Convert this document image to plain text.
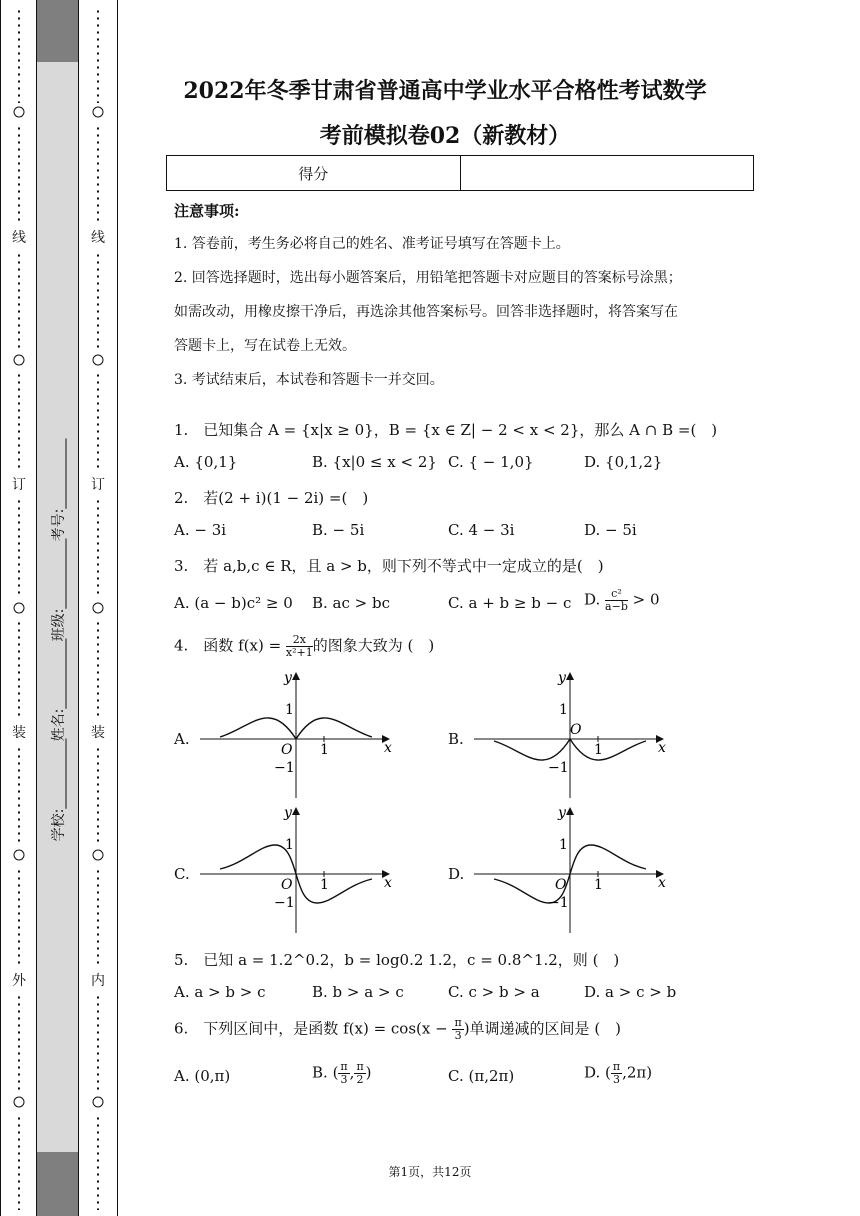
线
订
装
外
考号:__________
班级:__________
姓名:__________
学校:__________
线
订
装
内
2022年冬季甘肃省普通高中学业水平合格性考试数学
考前模拟卷02（新教材）
得分	
注意事项:
1. 答卷前，考生务必将自己的姓名、准考证号填写在答题卡上。
2. 回答选择题时，选出每小题答案后，用铅笔把答题卡对应题目的答案标号涂黑；
如需改动，用橡皮擦干净后，再选涂其他答案标号。回答非选择题时，将答案写在
答题卡上，写在试卷上无效。
3. 考试结束后，本试卷和答题卡一并交回。
1.　已知集合 A = {x|x ≥ 0}，B = {x ∈ Z| − 2 < x < 2}，那么 A ∩ B =(　)
A. {0,1}	B. {x|0 ≤ x < 2} C. { − 1,0}	D. {0,1,2}
2.　若(2 + i)(1 − 2i) =(　)
A. − 3i	B. − 5i	C. 4 − 3i	D. − 5i
3.　若 a,b,c ∈ R，且 a > b，则下列不等式中一定成立的是(　)
A. (a − b)c² ≥ 0 B. ac > bc	C. a + b ≥ b − c D. $\frac{\text{c²}}{a-b} > 0$
4.　函数 $f(x) = \frac{2x}{\text{x²+1}}$ 的图象大致为 (　)
A.	B.
C.	D.
y
x
O 1
1
−1
y
x
O
1
1
−1
y
x
O 1
1
−1
y
x
O 1
1
−1
5.　已知 a = 1.2^0.2，b = log0.2 1.2，c = 0.8^1.2，则 (　)
A. a > b > c	B. b > a > c	C. c > b > a	D. a > c > b
6.　下列区间中，是函数 $f(x) = \cos(x - \frac{\pi}{3}$ )单调递减的区间是 (　)
A. (0,π)	B. ( $\frac{\pi}{3}$ , $\frac{\pi}{2}$ )	C. (π,2π)	D. ( $\frac{\pi}{3} ,2\pi$)
第1页，共12页
